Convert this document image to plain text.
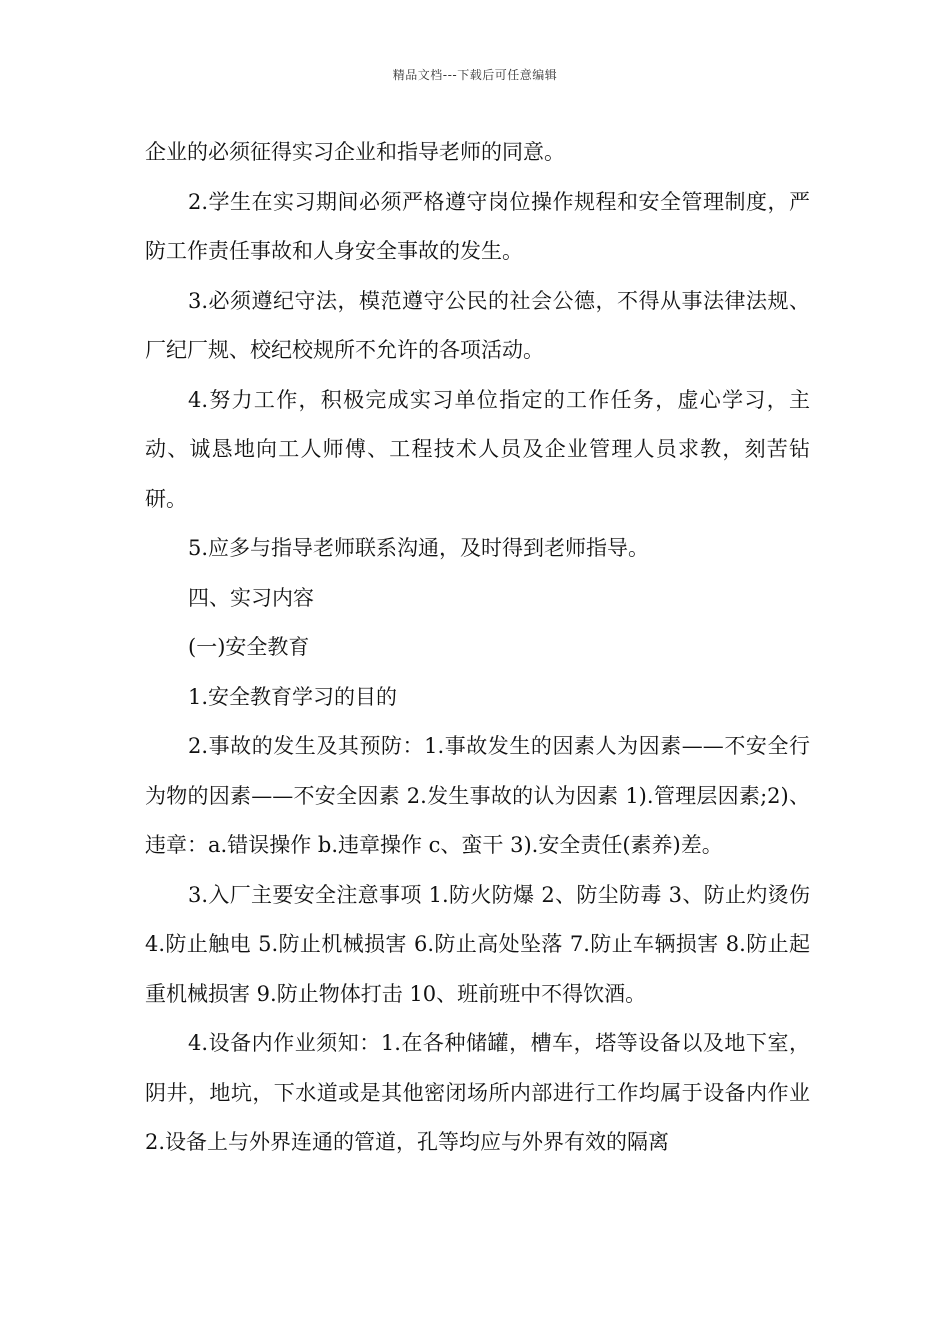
精品文档---下载后可任意编辑

企业的必须征得实习企业和指导老师的同意。

2.学生在实习期间必须严格遵守岗位操作规程和安全管理制度，严防工作责任事故和人身安全事故的发生。

3.必须遵纪守法，模范遵守公民的社会公德，不得从事法律法规、厂纪厂规、校纪校规所不允许的各项活动。

4.努力工作，积极完成实习单位指定的工作任务，虚心学习，主动、诚恳地向工人师傅、工程技术人员及企业管理人员求教，刻苦钻研。

5.应多与指导老师联系沟通，及时得到老师指导。

四、实习内容

(一)安全教育

1.安全教育学习的目的

2.事故的发生及其预防：1.事故发生的因素人为因素——不安全行为物的因素——不安全因素 2.发生事故的认为因素 1).管理层因素;2)、违章：a.错误操作 b.违章操作 c、蛮干 3).安全责任(素养)差。

3.入厂主要安全注意事项 1.防火防爆 2、防尘防毒 3、防止灼烫伤 4.防止触电 5.防止机械损害 6.防止高处坠落 7.防止车辆损害 8.防止起重机械损害 9.防止物体打击 10、班前班中不得饮酒。

4.设备内作业须知：1.在各种储罐，槽车，塔等设备以及地下室，阴井，地坑，下水道或是其他密闭场所内部进行工作均属于设备内作业 2.设备上与外界连通的管道，孔等均应与外界有效的隔离
